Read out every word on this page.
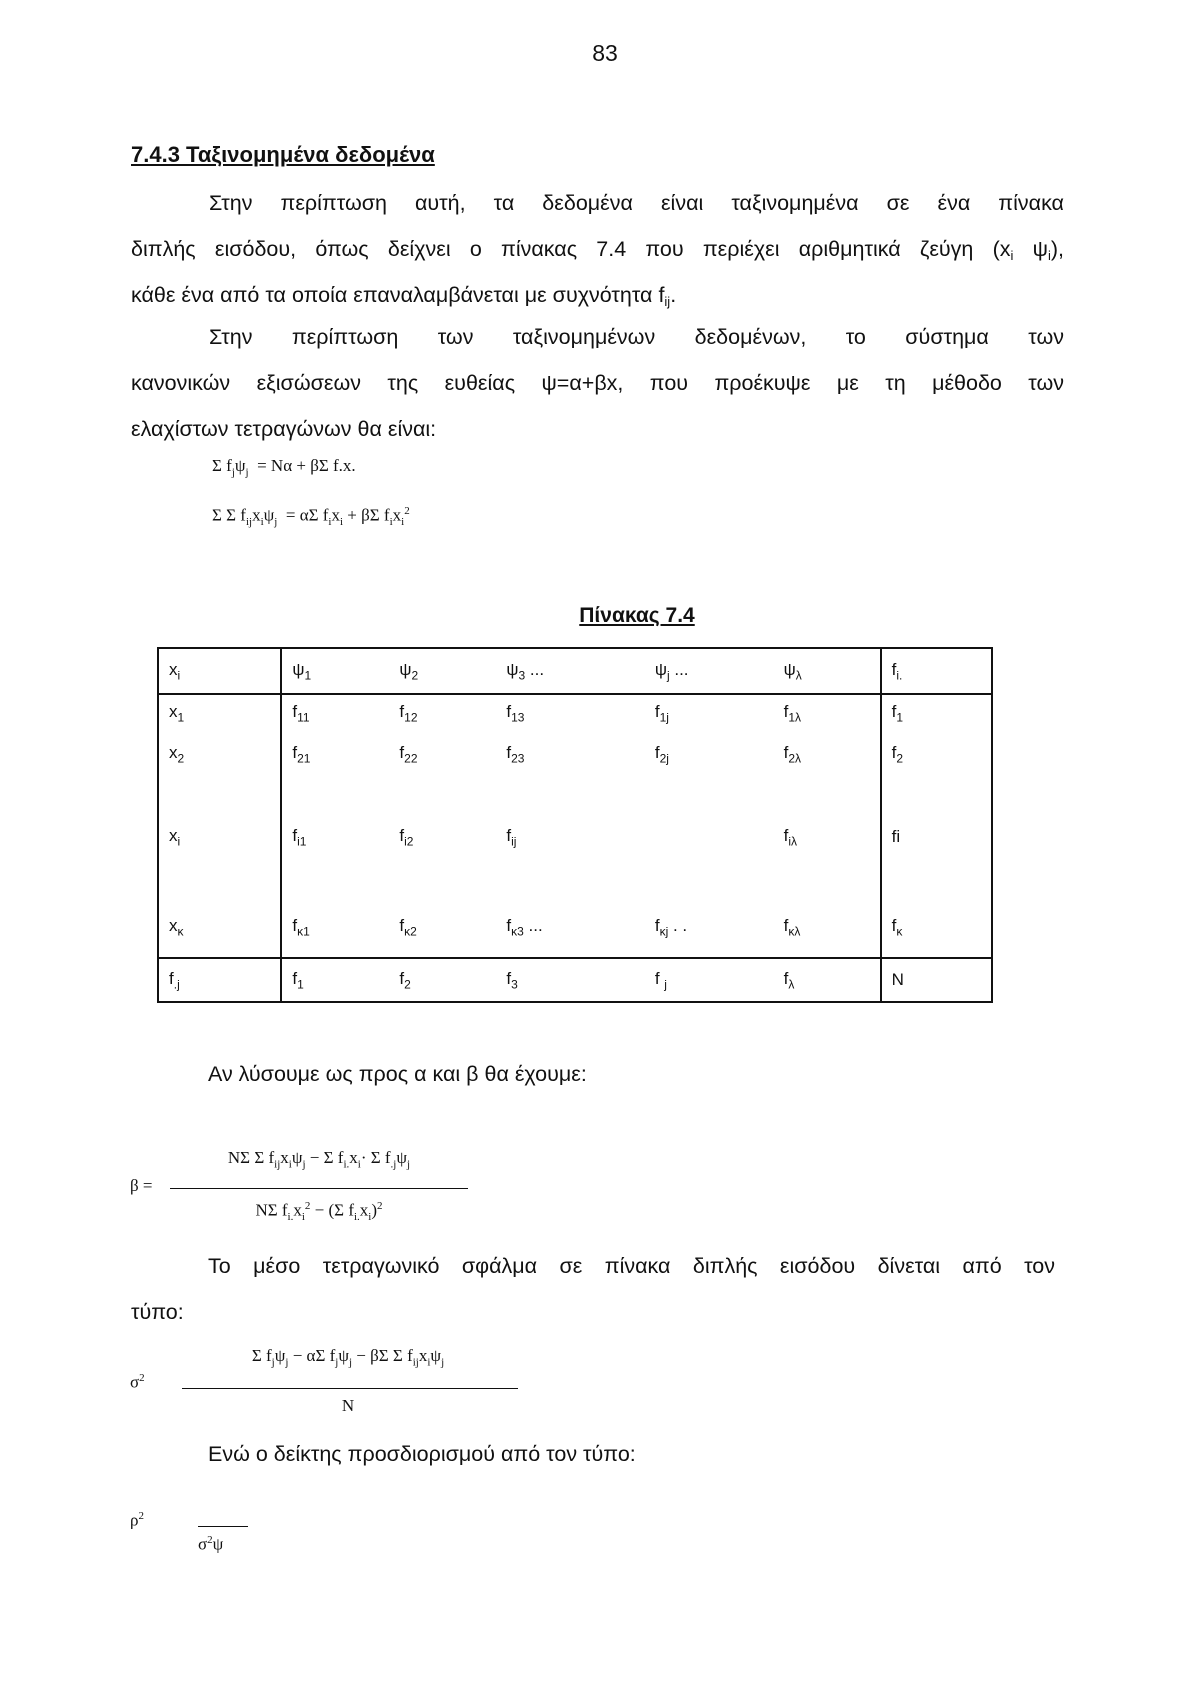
83
7.4.3 Ταξινομημένα δεδομένα
Στην περίπτωση αυτή, τα δεδομένα είναι ταξινομημένα σε ένα πίνακα
διπλής εισόδου, όπως δείχνει ο πίνακας 7.4 που περιέχει αριθμητικά ζεύγη ($x_i$ $\psi_i$),
κάθε ένα από τα οποία επαναλαμβάνεται με συχνότητα $f_{ij}$.
Στην περίπτωση των ταξινομημένων δεδομένων, το σύστημα των
κανονικών εξισώσεων της ευθείας ψ=α+βx, που προέκυψε με τη μέθοδο των
ελαχίστων τετραγώνων θα είναι:
Σ $f_j\psi_j = N\alpha + \beta\Sigma$ f.x.
Σ Σ $f_{ij}x_i\psi_j = \alpha\Sigma$ $f_ix_i + \beta\Sigma$ $f_ix_i^2$
Πίνακας 7.4
$x_i$	$\psi_1$	$\psi_2$	$\psi_3$ ...	$\psi_j$ ...	$\psi_\lambda$	$f_{i.}$
$x_1$	$f_{11}$	$f_{12}$	$f_{13}$	$f_{1j}$	$f_{1\lambda}$	$f_1$
$x_2$	$f_{21}$	$f_{22}$	$f_{23}$	$f_{2j}$	$f_{2\lambda}$	$f_2$
$x_i$	$f_{i1}$	$f_{i2}$	$f_{ij}$		$f_{i\lambda}$	fi
$x_\kappa$	$f_{\kappa 1}$	$f_{\kappa 2}$	$f_{\kappa 3}$ ...	$f_{\kappa j}$ . .	$f_{\kappa\lambda}$	$f_\kappa$
$f_{.j}$	$f_1$	$f_2$	$f_3$	f $_j$	$f_\lambda$	N
Αν λύσουμε ως προς α και β θα έχουμε:
β =
NΣ Σ $f_{ij}x_i\psi_j - \Sigma$ $f_{i.}x_i\cdot \Sigma$ $f_{.j}\psi_j$
NΣ $f_{i.}x_i^2 - (\Sigma$ $f_{i.}x_i)^2$
Το μέσο τετραγωνικό σφάλμα σε πίνακα διπλής εισόδου δίνεται από τον
τύπο:
$\sigma^2$
Σ $f_j\psi_j - \alpha\Sigma$ $f_j\psi_j - \beta\Sigma$ Σ $f_{ij}x_i\psi_j$
N
Ενώ ο δείκτης προσδιορισμού από τον τύπο:
$\rho^2$
$\sigma^2\psi$
